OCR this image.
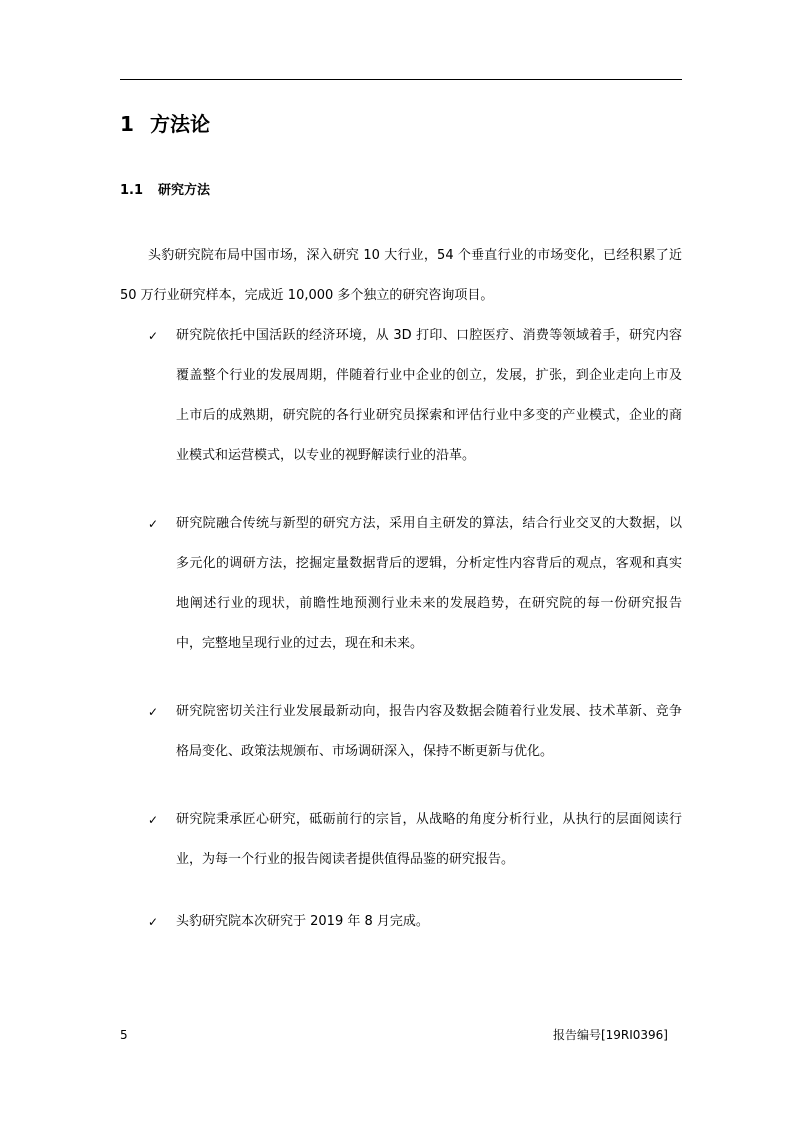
1 方法论
1.1 研究方法

头豹研究院布局中国市场，深入研究 10 大行业，54 个垂直行业的市场变化，已经积累了近 50 万行业研究样本，完成近 10,000 多个独立的研究咨询项目。

✓	研究院依托中国活跃的经济环境，从 3D 打印、口腔医疗、消费等领域着手，研究内容覆盖整个行业的发展周期，伴随着行业中企业的创立，发展，扩张，到企业走向上市及上市后的成熟期，研究院的各行业研究员探索和评估行业中多变的产业模式，企业的商业模式和运营模式，以专业的视野解读行业的沿革。
✓	研究院融合传统与新型的研究方法，采用自主研发的算法，结合行业交叉的大数据，以多元化的调研方法，挖掘定量数据背后的逻辑，分析定性内容背后的观点，客观和真实地阐述行业的现状，前瞻性地预测行业未来的发展趋势，在研究院的每一份研究报告中，完整地呈现行业的过去，现在和未来。
✓	研究院密切关注行业发展最新动向，报告内容及数据会随着行业发展、技术革新、竞争格局变化、政策法规颁布、市场调研深入，保持不断更新与优化。
✓	研究院秉承匠心研究，砥砺前行的宗旨，从战略的角度分析行业，从执行的层面阅读行业，为每一个行业的报告阅读者提供值得品鉴的研究报告。
✓	头豹研究院本次研究于 2019 年 8 月完成。
5	报告编号[19RI0396]
